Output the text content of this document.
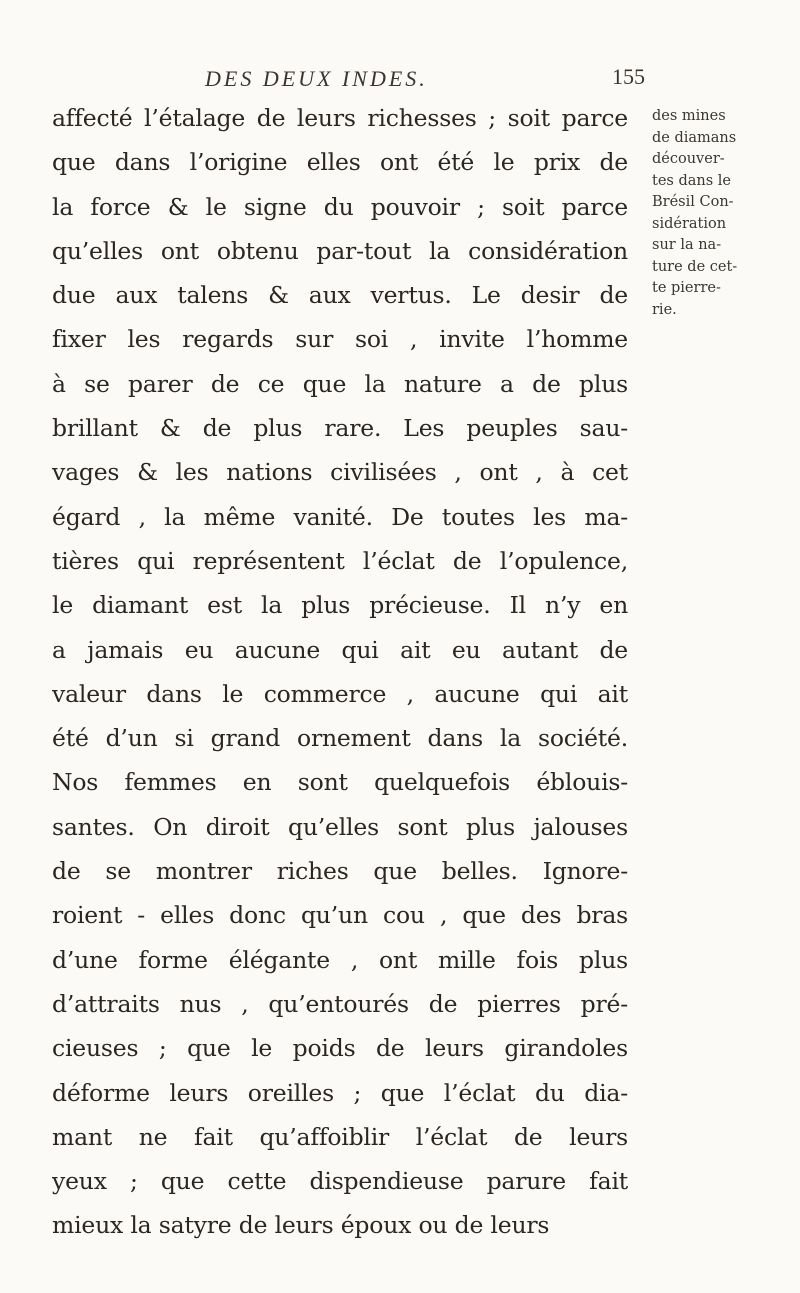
DES DEUX INDES.	155
affecté l’étalage de leurs richesses ; soit parce
que dans l’origine elles ont été le prix de
la force & le signe du pouvoir ; soit parce
qu’elles ont obtenu par-tout la considération
due aux talens & aux vertus. Le desir de
fixer les regards sur soi , invite l’homme
à se parer de ce que la nature a de plus
brillant & de plus rare. Les peuples sau-
vages & les nations civilisées , ont , à cet
égard , la même vanité. De toutes les ma-
tières qui représentent l’éclat de l’opulence,
le diamant est la plus précieuse. Il n’y en
a jamais eu aucune qui ait eu autant de
valeur dans le commerce , aucune qui ait
été d’un si grand ornement dans la société.
Nos femmes en sont quelquefois éblouis-
santes. On diroit qu’elles sont plus jalouses
de se montrer riches que belles. Ignore-
roient - elles donc qu’un cou , que des bras
d’une forme élégante , ont mille fois plus
d’attraits nus , qu’entourés de pierres pré-
cieuses ; que le poids de leurs girandoles
déforme leurs oreilles ; que l’éclat du dia-
mant ne fait qu’affoiblir l’éclat de leurs
yeux ; que cette dispendieuse parure fait
mieux la satyre de leurs époux ou de leurs
des mines
de diamans
découver-
tes dans le
Brésil Con-
sidération
sur la na-
ture de cet-
te pierre-
rie.
